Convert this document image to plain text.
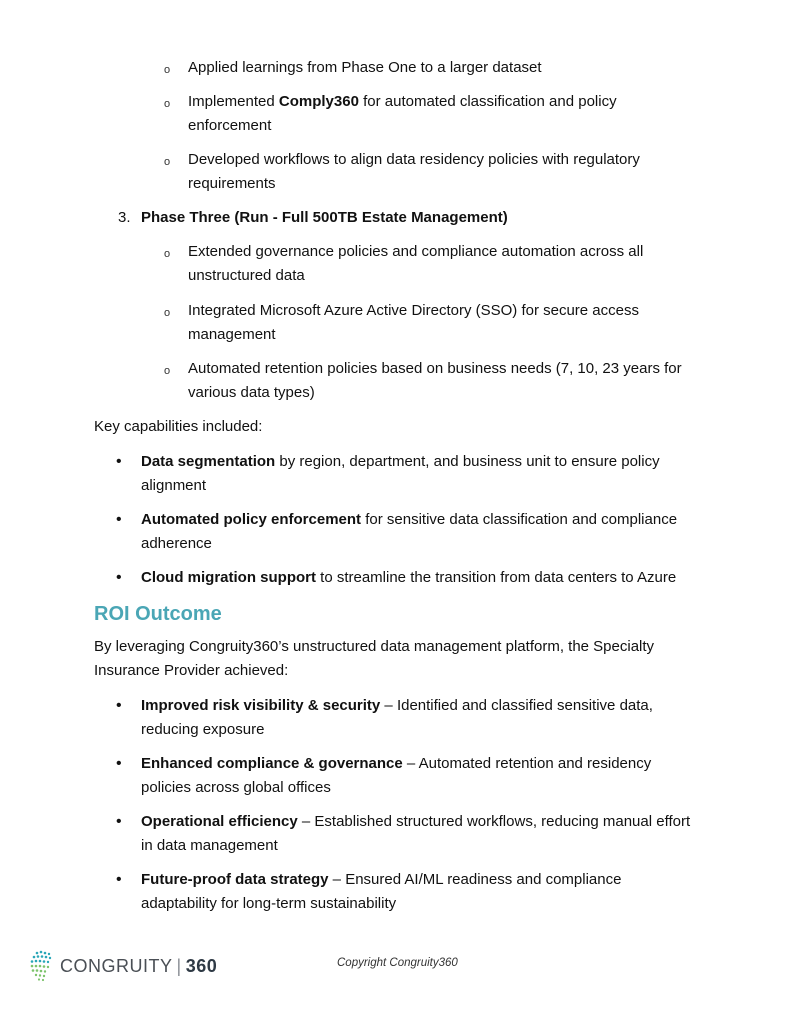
o Applied learnings from Phase One to a larger dataset
o Implemented Comply360 for automated classification and policy
enforcement
o Developed workflows to align data residency policies with regulatory
requirements
3. Phase Three (Run - Full 500TB Estate Management)
o Extended governance policies and compliance automation across all
unstructured data
o Integrated Microsoft Azure Active Directory (SSO) for secure access
management
o Automated retention policies based on business needs (7, 10, 23 years for
various data types)
Key capabilities included:
• Data segmentation by region, department, and business unit to ensure policy
alignment
• Automated policy enforcement for sensitive data classification and compliance
adherence
• Cloud migration support to streamline the transition from data centers to Azure
ROI Outcome
By leveraging Congruity360’s unstructured data management platform, the Specialty
Insurance Provider achieved:
• Improved risk visibility & security – Identified and classified sensitive data,
reducing exposure
• Enhanced compliance & governance – Automated retention and residency
policies across global offices
• Operational efficiency – Established structured workflows, reducing manual effort
in data management
• Future-proof data strategy – Ensured AI/ML readiness and compliance
adaptability for long-term sustainability
CONGRUITY | 360	Copyright Congruity360
